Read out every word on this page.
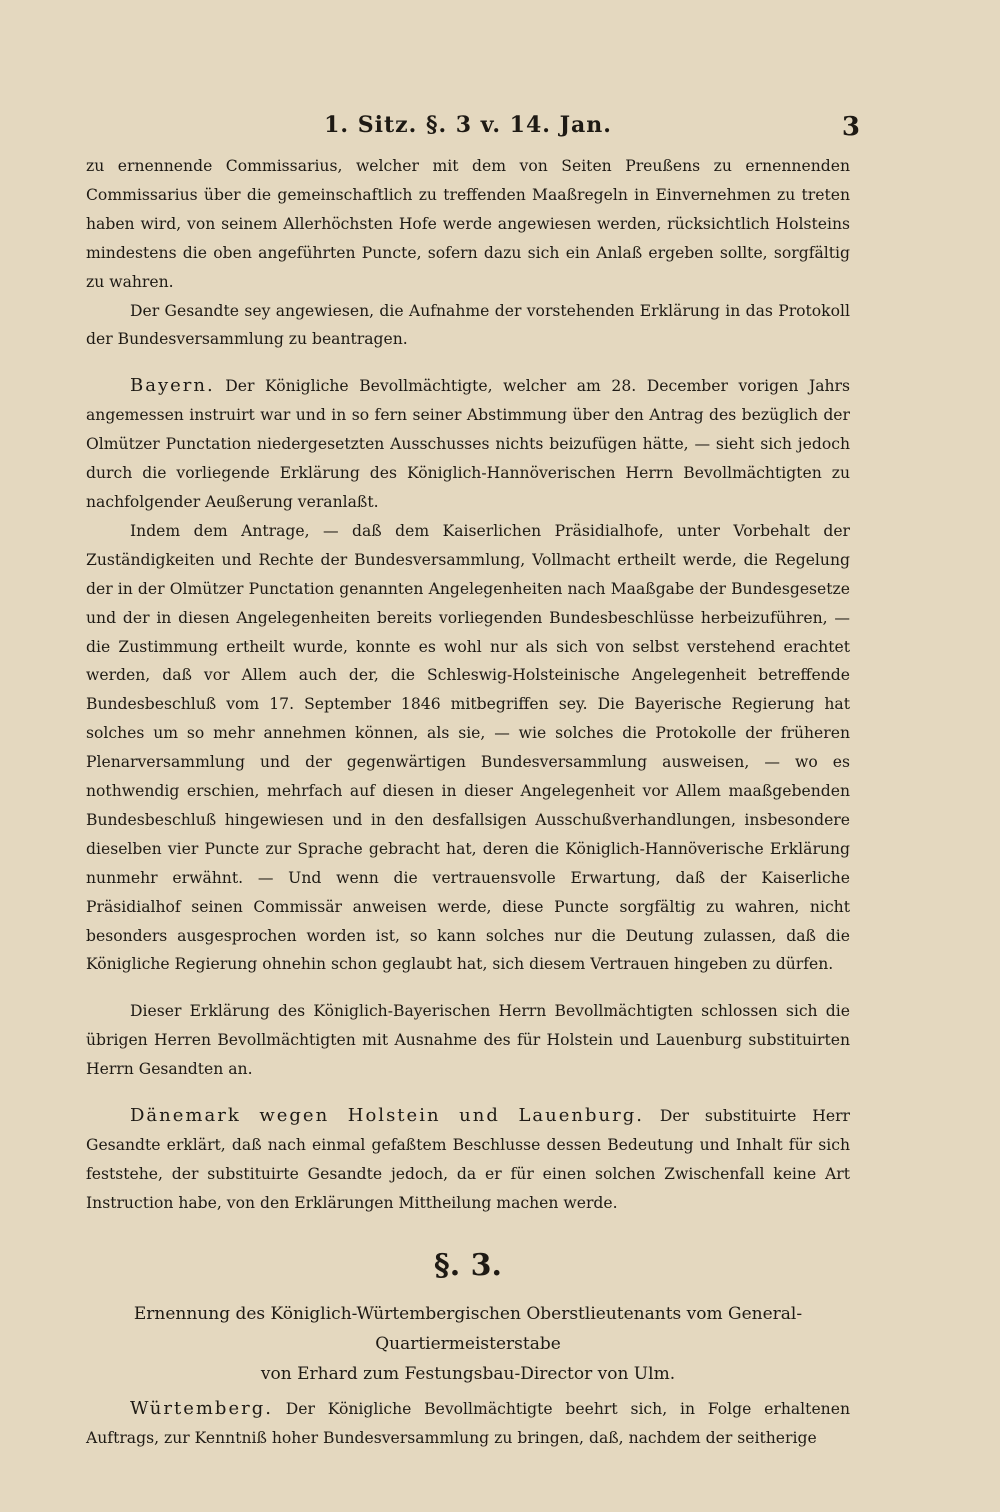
1. Sitz. §. 3 v. 14. Jan.	3

zu ernennende Commissarius, welcher mit dem von Seiten Preußens zu ernennenden Commissarius über die gemeinschaftlich zu treffenden Maaßregeln in Einvernehmen zu treten haben wird, von seinem Allerhöchsten Hofe werde angewiesen werden, rücksichtlich Holsteins mindestens die oben angeführten Puncte, sofern dazu sich ein Anlaß ergeben sollte, sorgfältig zu wahren.

Der Gesandte sey angewiesen, die Aufnahme der vorstehenden Erklärung in das Protokoll der Bundesversammlung zu beantragen.

Bayern. Der Königliche Bevollmächtigte, welcher am 28. December vorigen Jahrs angemessen instruirt war und in so fern seiner Abstimmung über den Antrag des bezüglich der Olmützer Punctation niedergesetzten Ausschusses nichts beizufügen hätte, — sieht sich jedoch durch die vorliegende Erklärung des Königlich-Hannöverischen Herrn Bevollmächtigten zu nachfolgender Aeußerung veranlaßt.

Indem dem Antrage, — daß dem Kaiserlichen Präsidialhofe, unter Vorbehalt der Zuständigkeiten und Rechte der Bundesversammlung, Vollmacht ertheilt werde, die Regelung der in der Olmützer Punctation genannten Angelegenheiten nach Maaßgabe der Bundesgesetze und der in diesen Angelegenheiten bereits vorliegenden Bundesbeschlüsse herbeizuführen, — die Zustimmung ertheilt wurde, konnte es wohl nur als sich von selbst verstehend erachtet werden, daß vor Allem auch der, die Schleswig-Holsteinische Angelegenheit betreffende Bundesbeschluß vom 17. September 1846 mitbegriffen sey. Die Bayerische Regierung hat solches um so mehr annehmen können, als sie, — wie solches die Protokolle der früheren Plenarversammlung und der gegenwärtigen Bundesversammlung ausweisen, — wo es nothwendig erschien, mehrfach auf diesen in dieser Angelegenheit vor Allem maaßgebenden Bundesbeschluß hingewiesen und in den desfallsigen Ausschußverhandlungen, insbesondere dieselben vier Puncte zur Sprache gebracht hat, deren die Königlich-Hannöverische Erklärung nunmehr erwähnt. — Und wenn die vertrauensvolle Erwartung, daß der Kaiserliche Präsidialhof seinen Commissär anweisen werde, diese Puncte sorgfältig zu wahren, nicht besonders ausgesprochen worden ist, so kann solches nur die Deutung zulassen, daß die Königliche Regierung ohnehin schon geglaubt hat, sich diesem Vertrauen hingeben zu dürfen.

Dieser Erklärung des Königlich-Bayerischen Herrn Bevollmächtigten schlossen sich die übrigen Herren Bevollmächtigten mit Ausnahme des für Holstein und Lauenburg substituirten Herrn Gesandten an.

Dänemark wegen Holstein und Lauenburg. Der substituirte Herr Gesandte erklärt, daß nach einmal gefaßtem Beschlusse dessen Bedeutung und Inhalt für sich feststehe, der substituirte Gesandte jedoch, da er für einen solchen Zwischenfall keine Art Instruction habe, von den Erklärungen Mittheilung machen werde.

§. 3.
Ernennung des Königlich-Würtembergischen Oberstlieutenants vom General-Quartiermeisterstabe
von Erhard zum Festungsbau-Director von Ulm.

Würtemberg. Der Königliche Bevollmächtigte beehrt sich, in Folge erhaltenen Auftrags, zur Kenntniß hoher Bundesversammlung zu bringen, daß, nachdem der seitherige
